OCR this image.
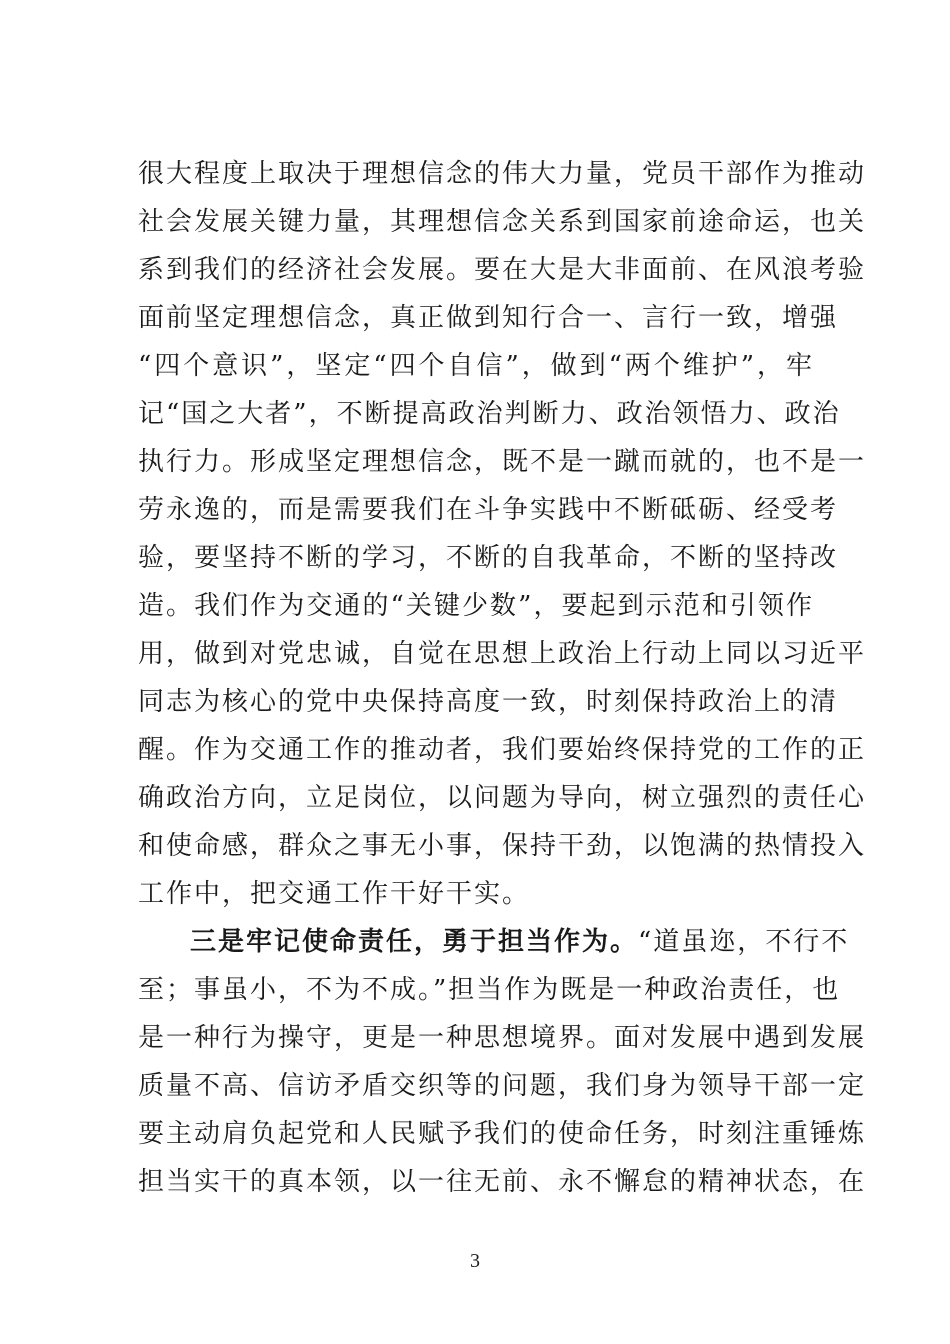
很大程度上取决于理想信念的伟大力量，党员干部作为推动
社会发展关键力量，其理想信念关系到国家前途命运，也关
系到我们的经济社会发展。要在大是大非面前、在风浪考验
面前坚定理想信念，真正做到知行合一、言行一致，增强
“四个意识”，坚定“四个自信”，做到“两个维护”，牢
记“国之大者”，不断提高政治判断力、政治领悟力、政治
执行力。形成坚定理想信念，既不是一蹴而就的，也不是一
劳永逸的，而是需要我们在斗争实践中不断砥砺、经受考
验，要坚持不断的学习，不断的自我革命，不断的坚持改
造。我们作为交通的“关键少数”，要起到示范和引领作
用，做到对党忠诚，自觉在思想上政治上行动上同以习近平
同志为核心的党中央保持高度一致，时刻保持政治上的清
醒。作为交通工作的推动者，我们要始终保持党的工作的正
确政治方向，立足岗位，以问题为导向，树立强烈的责任心
和使命感，群众之事无小事，保持干劲，以饱满的热情投入
工作中，把交通工作干好干实。
三是牢记使命责任，勇于担当作为。“道虽迩，不行不
至；事虽小，不为不成。”担当作为既是一种政治责任，也
是一种行为操守，更是一种思想境界。面对发展中遇到发展
质量不高、信访矛盾交织等的问题，我们身为领导干部一定
要主动肩负起党和人民赋予我们的使命任务，时刻注重锤炼
担当实干的真本领，以一往无前、永不懈怠的精神状态，在
3
